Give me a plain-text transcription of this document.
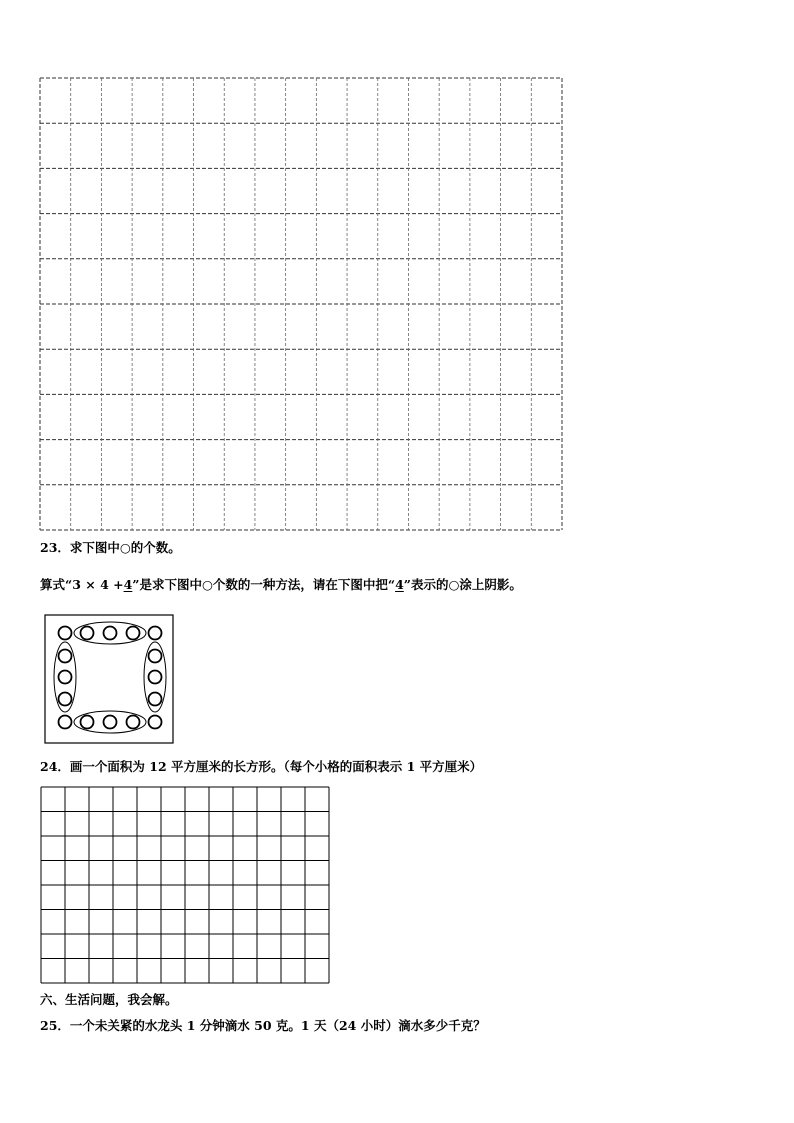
23．求下图中○的个数。
算式“3 × 4 +4”是求下图中○个数的一种方法，请在下图中把“4”表示的○涂上阴影。
24．画一个面积为 12 平方厘米的长方形。（每个小格的面积表示 1 平方厘米）
六、生活问题，我会解。
25．一个未关紧的水龙头 1 分钟滴水 50 克。1 天（24 小时）滴水多少千克？
